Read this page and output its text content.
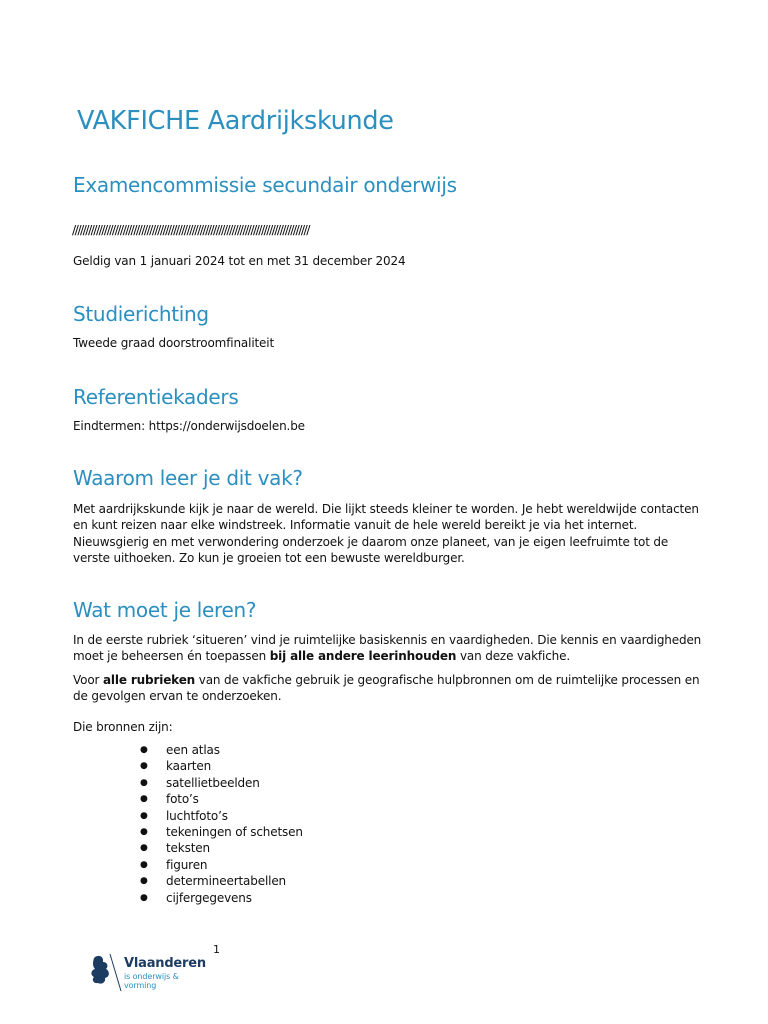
VAKFICHE Aardrijkskunde
Examencommissie secundair onderwijs
/////////////////////////////////////////////////////////////////////////////////////////
Geldig van 1 januari 2024 tot en met 31 december 2024
Studierichting
Tweede graad doorstroomfinaliteit
Referentiekaders
Eindtermen: https://onderwijsdoelen.be
Waarom leer je dit vak?
Met aardrijkskunde kijk je naar de wereld. Die lijkt steeds kleiner te worden. Je hebt wereldwijde contacten
en kunt reizen naar elke windstreek. Informatie vanuit de hele wereld bereikt je via het internet.
Nieuwsgierig en met verwondering onderzoek je daarom onze planeet, van je eigen leefruimte tot de
verste uithoeken. Zo kun je groeien tot een bewuste wereldburger.
Wat moet je leren?
In de eerste rubriek ‘situeren’ vind je ruimtelijke basiskennis en vaardigheden. Die kennis en vaardigheden
moet je beheersen én toepassen bij alle andere leerinhouden van deze vakfiche.
Voor alle rubrieken van de vakfiche gebruik je geografische hulpbronnen om de ruimtelijke processen en
de gevolgen ervan te onderzoeken.
Die bronnen zijn:
● een atlas
● kaarten
● satellietbeelden
● foto’s
● luchtfoto’s
● tekeningen of schetsen
● teksten
● figuren
● determineertabellen
● cijfergegevens
Vlaanderen
is onderwijs & vorming
1
